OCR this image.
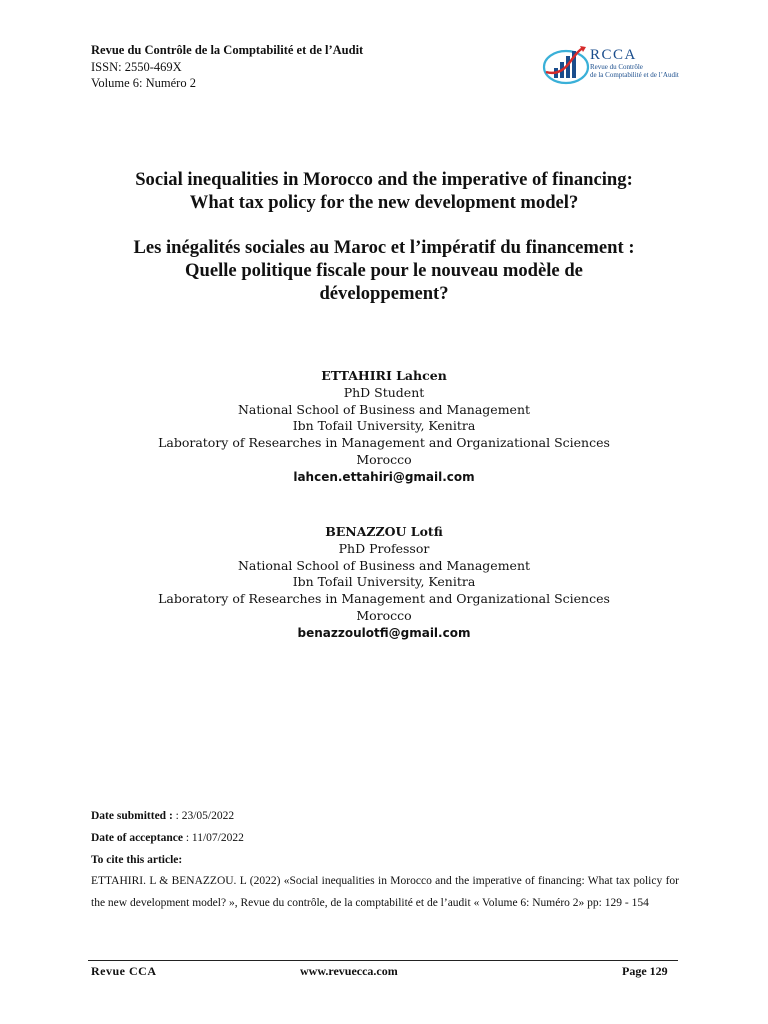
Revue du Contrôle de la Comptabilité et de l’Audit
ISSN: 2550-469X
Volume 6: Numéro 2
RCCA
Revue du Contrôle
de la Comptabilité et de l’Audit
Social inequalities in Morocco and the imperative of financing:
What tax policy for the new development model?
Les inégalités sociales au Maroc et l’impératif du financement :
Quelle politique fiscale pour le nouveau modèle de
développement?
ETTAHIRI Lahcen
PhD Student
National School of Business and Management
Ibn Tofail University, Kenitra
Laboratory of Researches in Management and Organizational Sciences
Morocco
lahcen.ettahiri@gmail.com
BENAZZOU Lotfi
PhD Professor
National School of Business and Management
Ibn Tofail University, Kenitra
Laboratory of Researches in Management and Organizational Sciences
Morocco
benazzoulotfi@gmail.com
Date submitted : : 23/05/2022
Date of acceptance : 11/07/2022
To cite this article:
ETTAHIRI. L & BENAZZOU. L (2022) «Social inequalities in Morocco and the imperative of financing: What tax policy for the new development model? », Revue du contrôle, de la comptabilité et de l’audit « Volume 6: Numéro 2» pp: 129 - 154
Revue CCA	www.revuecca.com	Page 129
